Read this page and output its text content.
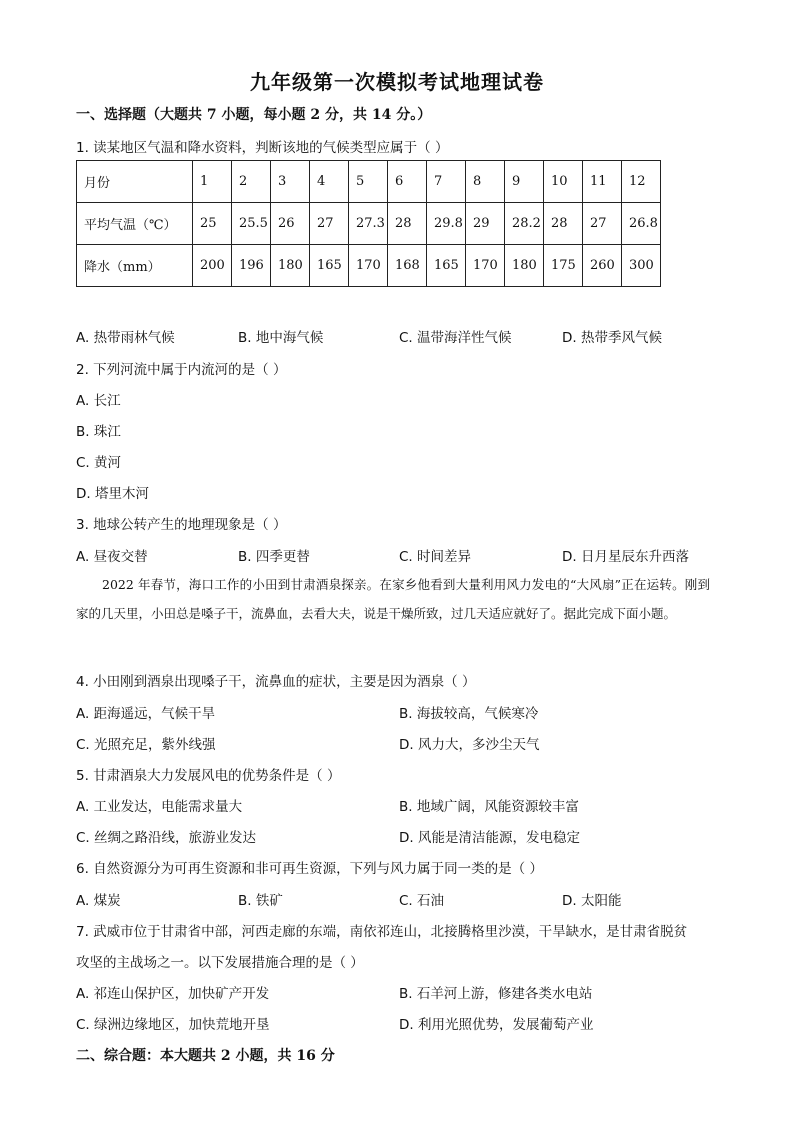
九年级第一次模拟考试地理试卷
一、选择题（大题共 7 小题，每小题 2 分，共 14 分。）
1. 读某地区气温和降水资料，判断该地的气候类型应属于（ ）
月份	1	2	3	4	5	6	7	8	9	10	11	12
平均气温（℃）	25	25.5	26	27	27.3	28	29.8	29	28.2	28	27	26.8
降水（mm）	200	196	180	165	170	168	165	170	180	175	260	300
A. 热带雨林气候	B. 地中海气候	C. 温带海洋性气候	D. 热带季风气候
2. 下列河流中属于内流河的是（ ）
A. 长江
B. 珠江
C. 黄河
D. 塔里木河
3. 地球公转产生的地理现象是（ ）
A. 昼夜交替	B. 四季更替	C. 时间差异	D. 日月星辰东升西落
2022 年春节，海口工作的小田到甘肃酒泉探亲。在家乡他看到大量利用风力发电的“大风扇”正在运转。刚到家的几天里，小田总是嗓子干，流鼻血，去看大夫，说是干燥所致，过几天适应就好了。据此完成下面小题。
4. 小田刚到酒泉出现嗓子干，流鼻血的症状，主要是因为酒泉（ ）
A. 距海遥远，气候干旱	B. 海拔较高，气候寒冷
C. 光照充足，紫外线强	D. 风力大，多沙尘天气
5. 甘肃酒泉大力发展风电的优势条件是（ ）
A. 工业发达，电能需求量大	B. 地域广阔，风能资源较丰富
C. 丝绸之路沿线，旅游业发达	D. 风能是清洁能源，发电稳定
6. 自然资源分为可再生资源和非可再生资源，下列与风力属于同一类的是（ ）
A. 煤炭	B. 铁矿	C. 石油	D. 太阳能
7. 武威市位于甘肃省中部，河西走廊的东端，南依祁连山，北接腾格里沙漠，干旱缺水，是甘肃省脱贫
攻坚的主战场之一。以下发展措施合理的是（ ）
A. 祁连山保护区，加快矿产开发	B. 石羊河上游，修建各类水电站
C. 绿洲边缘地区，加快荒地开垦	D. 利用光照优势，发展葡萄产业
二、综合题：本大题共 2 小题，共 16 分
